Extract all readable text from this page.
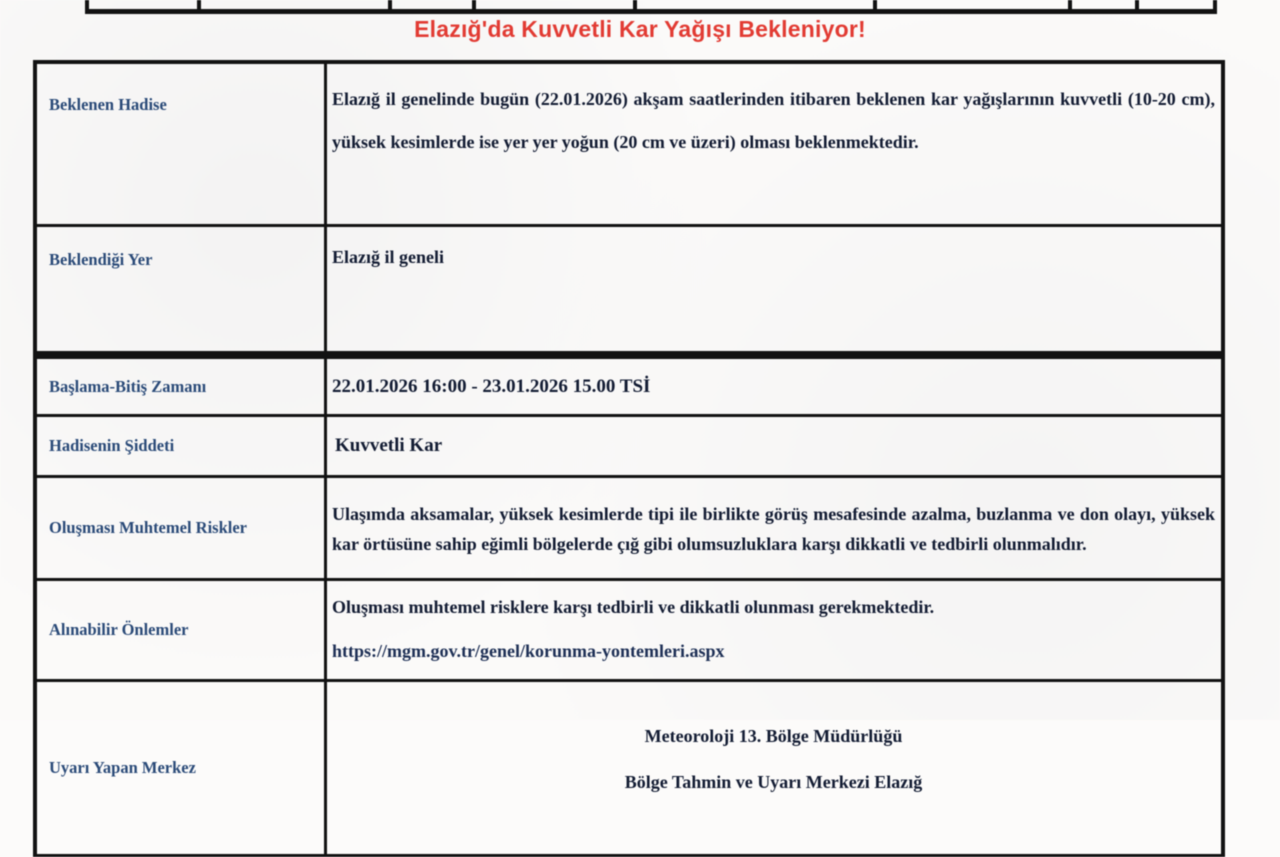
Elazığ'da Kuvvetli Kar Yağışı Bekleniyor!
Beklenen Hadise	Elazığ il genelinde bugün (22.01.2026) akşam saatlerinden itibaren beklenen kar yağışlarının kuvvetli (10-20 cm), yüksek kesimlerde ise yer yer yoğun (20 cm ve üzeri) olması beklenmektedir.
Beklendiği Yer	Elazığ il geneli
Başlama-Bitiş Zamanı	22.01.2026 16:00 - 23.01.2026 15.00 TSİ
Hadisenin Şiddeti	Kuvvetli Kar
Oluşması Muhtemel Riskler	Ulaşımda aksamalar, yüksek kesimlerde tipi ile birlikte görüş mesafesinde azalma, buzlanma ve don olayı, yüksek kar örtüsüne sahip eğimli bölgelerde çığ gibi olumsuzluklara karşı dikkatli ve tedbirli olunmalıdır.
Alınabilir Önlemler	Oluşması muhtemel risklere karşı tedbirli ve dikkatli olunması gerekmektedir.
https://mgm.gov.tr/genel/korunma-yontemleri.aspx

Uyarı Yapan Merkez	Meteoroloji 13. Bölge Müdürlüğü
Bölge Tahmin ve Uyarı Merkezi Elazığ
